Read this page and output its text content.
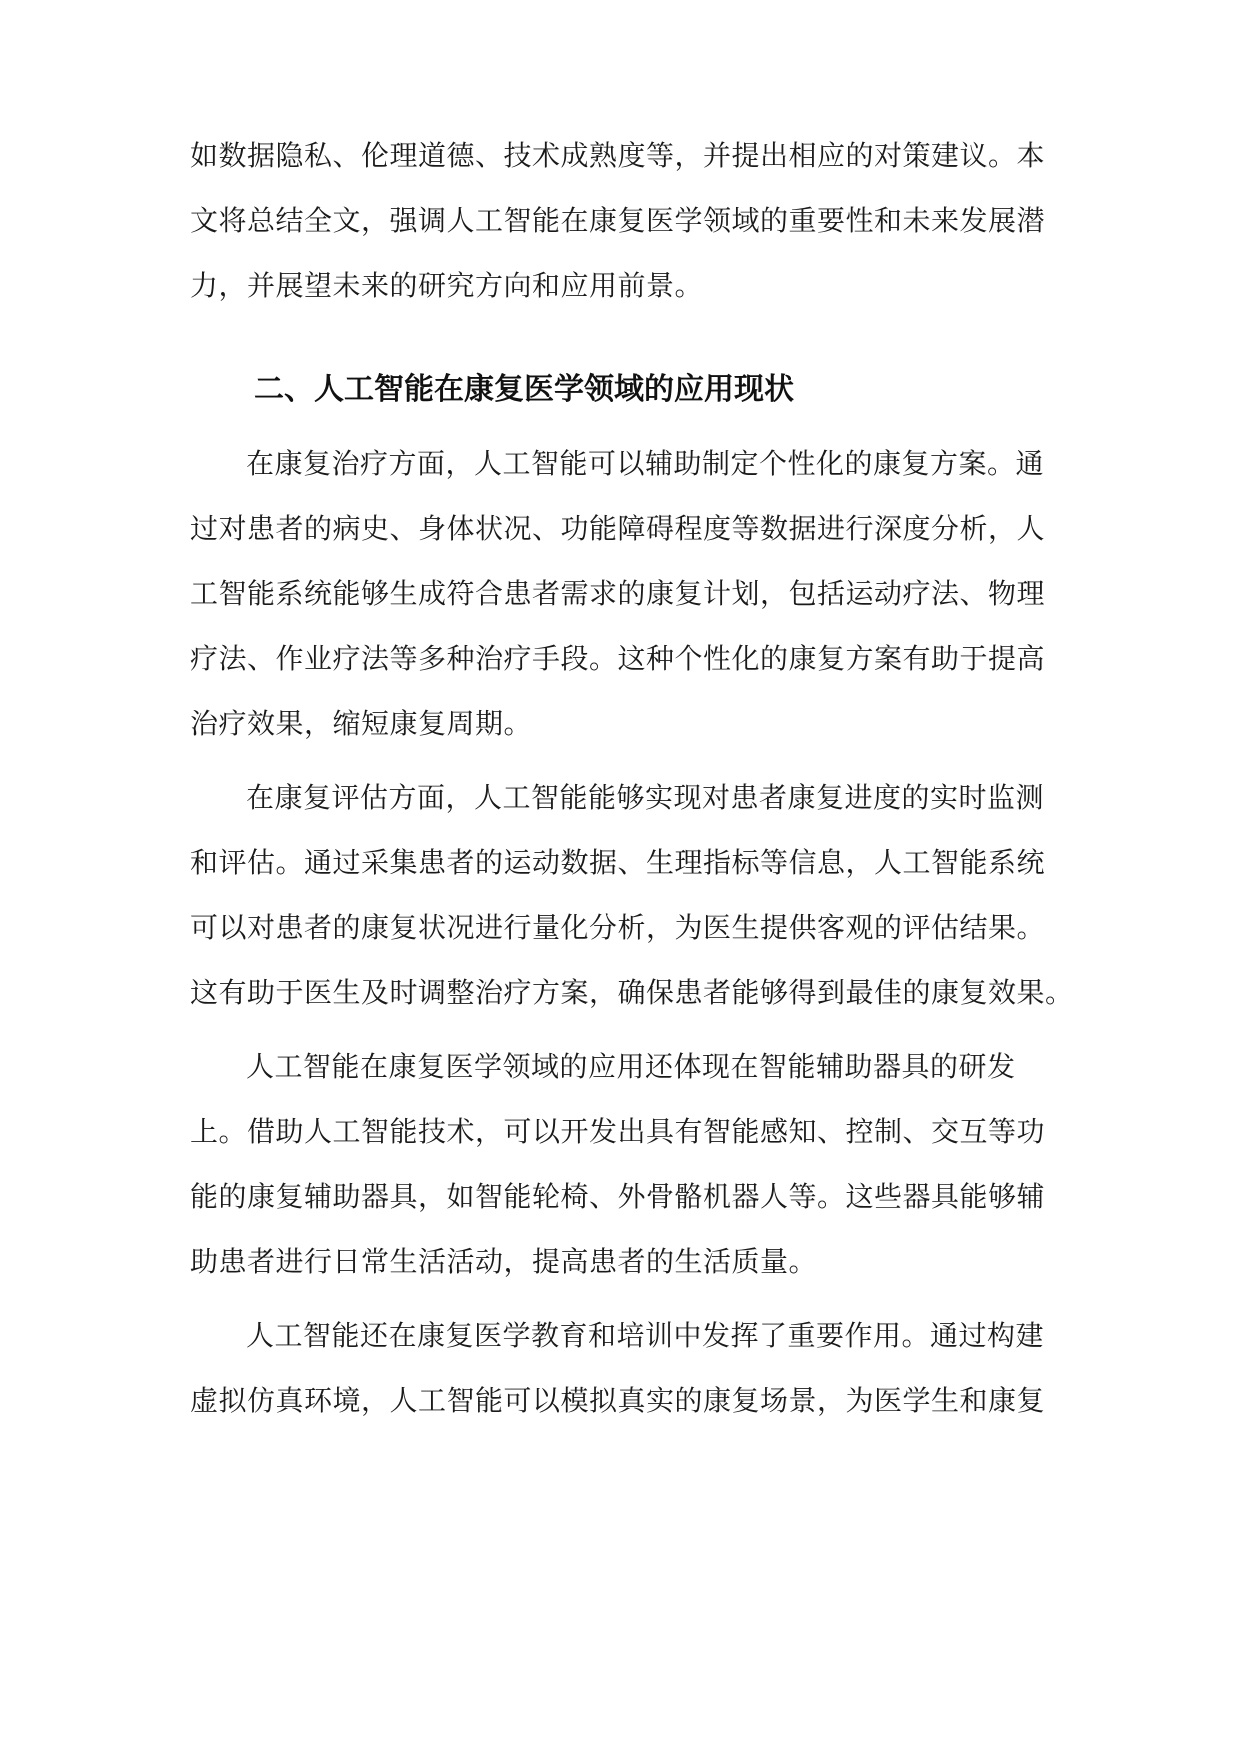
如数据隐私、伦理道德、技术成熟度等，并提出相应的对策建议。本
文将总结全文，强调人工智能在康复医学领域的重要性和未来发展潜
力，并展望未来的研究方向和应用前景。
二、人工智能在康复医学领域的应用现状
在康复治疗方面，人工智能可以辅助制定个性化的康复方案。通
过对患者的病史、身体状况、功能障碍程度等数据进行深度分析，人
工智能系统能够生成符合患者需求的康复计划，包括运动疗法、物理
疗法、作业疗法等多种治疗手段。这种个性化的康复方案有助于提高
治疗效果，缩短康复周期。
在康复评估方面，人工智能能够实现对患者康复进度的实时监测
和评估。通过采集患者的运动数据、生理指标等信息，人工智能系统
可以对患者的康复状况进行量化分析，为医生提供客观的评估结果。
这有助于医生及时调整治疗方案，确保患者能够得到最佳的康复效果。
人工智能在康复医学领域的应用还体现在智能辅助器具的研发
上。借助人工智能技术，可以开发出具有智能感知、控制、交互等功
能的康复辅助器具，如智能轮椅、外骨骼机器人等。这些器具能够辅
助患者进行日常生活活动，提高患者的生活质量。
人工智能还在康复医学教育和培训中发挥了重要作用。通过构建
虚拟仿真环境，人工智能可以模拟真实的康复场景，为医学生和康复
